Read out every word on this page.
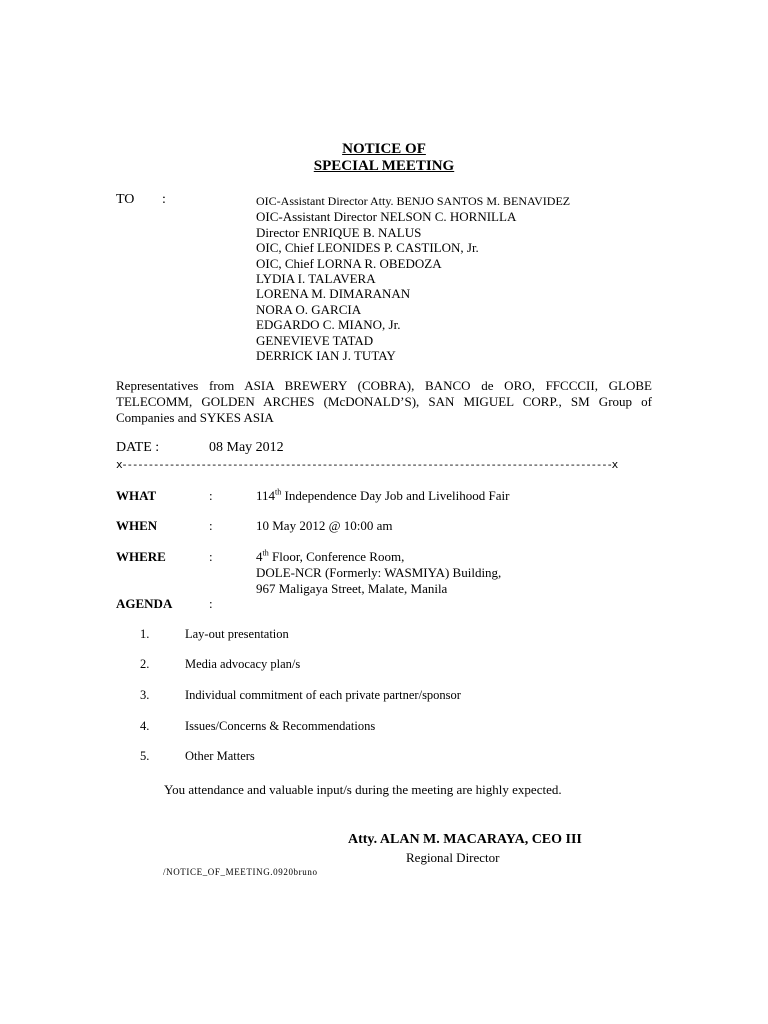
NOTICE OF
SPECIAL MEETING
TO :	OIC-Assistant Director Atty. BENJO SANTOS M. BENAVIDEZ
OIC-Assistant Director NELSON C. HORNILLA
Director ENRIQUE B. NALUS
OIC, Chief LEONIDES P. CASTILON, Jr.
OIC, Chief LORNA R. OBEDOZA
LYDIA I. TALAVERA
LORENA M. DIMARANAN
NORA O. GARCIA
EDGARDO C. MIANO, Jr.
GENEVIEVE TATAD
DERRICK IAN J. TUTAY
Representatives from ASIA BREWERY (COBRA), BANCO de ORO, FFCCCII, GLOBE TELECOMM, GOLDEN ARCHES (McDONALD’S), SAN MIGUEL CORP., SM Group of Companies and SYKES ASIA
DATE :	08 May 2012
x---------------------------------------------------------------------------------------------x
WHAT	:	114th Independence Day Job and Livelihood Fair
WHEN	:	10 May 2012 @ 10:00 am
WHERE	:	4th Floor, Conference Room,
DOLE-NCR (Formerly: WASMIYA) Building,
967 Maligaya Street, Malate, Manila
AGENDA	:
1.	Lay-out presentation
2.	Media advocacy plan/s
3.	Individual commitment of each private partner/sponsor
4.	Issues/Concerns & Recommendations
5.	Other Matters
You attendance and valuable input/s during the meeting are highly expected.
Atty. ALAN M. MACARAYA, CEO III
Regional Director
/NOTICE_OF_MEETING.0920bruno
